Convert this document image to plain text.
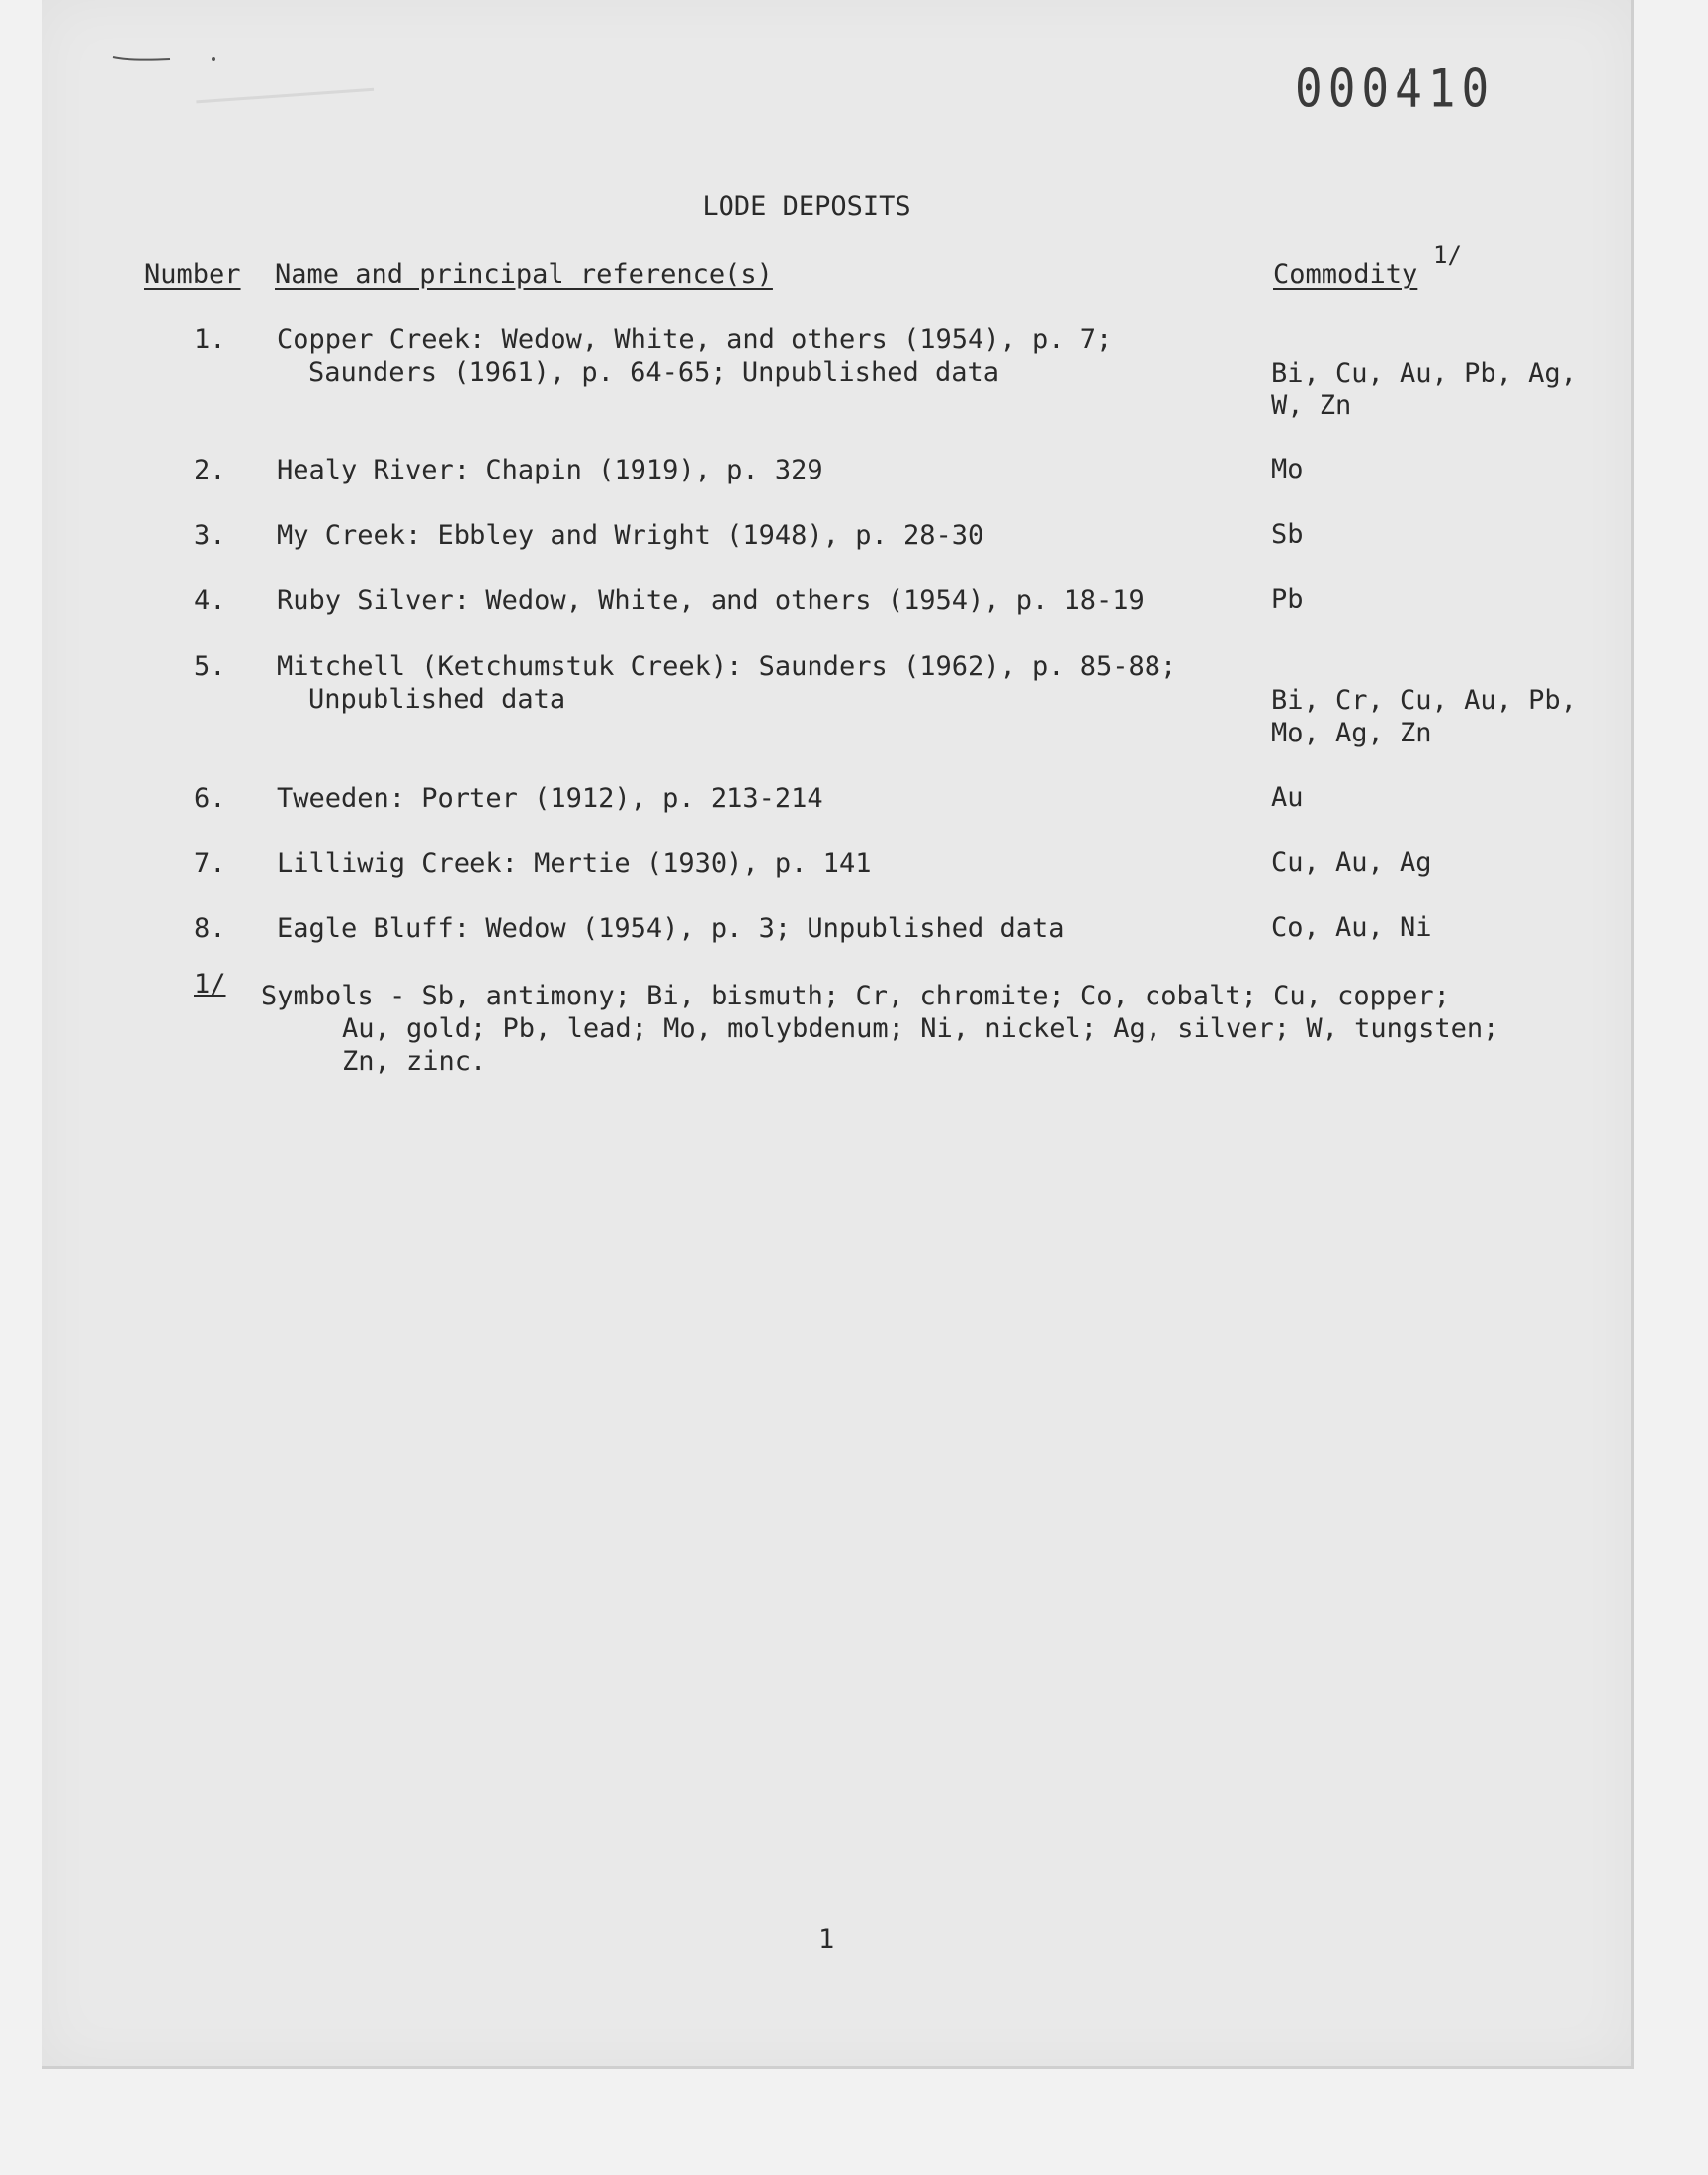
000410
LODE DEPOSITS
Number Name and principal reference(s)	Commodity
1/
1. Copper Creek: Wedow, White, and others (1954), p. 7;
Saunders (1961), p. 64-65; Unpublished data	Bi, Cu, Au, Pb, Ag,
W, Zn
2. Healy River: Chapin (1919), p. 329	Mo
3. My Creek: Ebbley and Wright (1948), p. 28-30	Sb
4. Ruby Silver: Wedow, White, and others (1954), p. 18-19	Pb
5. Mitchell (Ketchumstuk Creek): Saunders (1962), p. 85-88;
Unpublished data	Bi, Cr, Cu, Au, Pb,
Mo, Ag, Zn
6. Tweeden: Porter (1912), p. 213-214	Au
7. Lilliwig Creek: Mertie (1930), p. 141	Cu, Au, Ag
8. Eagle Bluff: Wedow (1954), p. 3; Unpublished data	Co, Au, Ni
1/ Symbols - Sb, antimony; Bi, bismuth; Cr, chromite; Co, cobalt; Cu, copper;
Au, gold; Pb, lead; Mo, molybdenum; Ni, nickel; Ag, silver; W, tungsten;
Zn, zinc.
1
